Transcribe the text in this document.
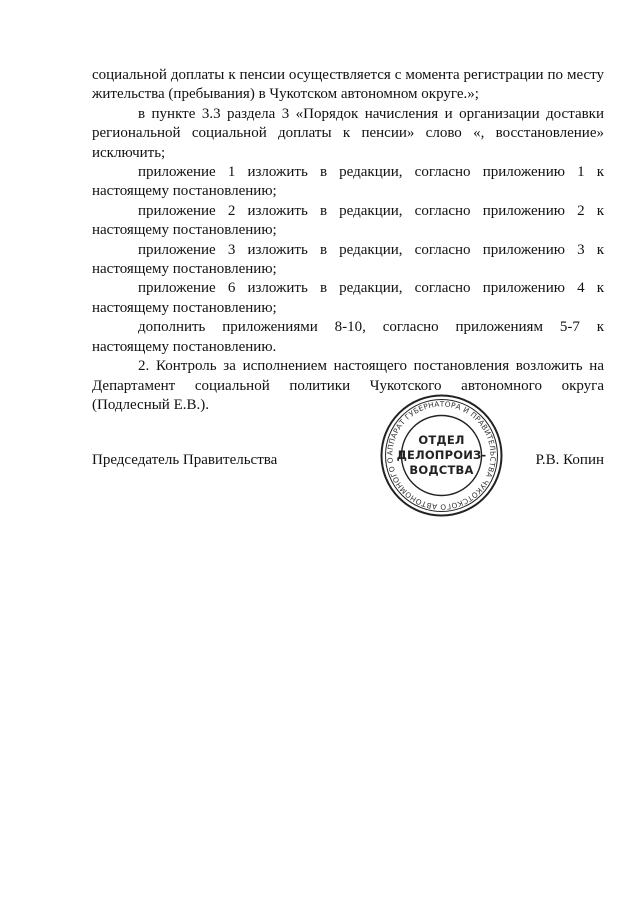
социальной доплаты к пенсии осуществляется с момента регистрации по месту жительства (пребывания) в Чукотском автономном округе.»;

в пункте 3.3 раздела 3 «Порядок начисления и организации доставки региональной социальной доплаты к пенсии» слово «, восстановление» исключить;

приложение 1 изложить в редакции, согласно приложению 1 к настоящему постановлению;

приложение 2 изложить в редакции, согласно приложению 2 к настоящему постановлению;

приложение 3 изложить в редакции, согласно приложению 3 к настоящему постановлению;

приложение 6 изложить в редакции, согласно приложению 4 к настоящему постановлению;

дополнить приложениями 8-10, согласно приложениям 5-7 к настоящему постановлению.

2. Контроль за исполнением настоящего постановления возложить на Департамент социальной политики Чукотского автономного округа (Подлесный Е.В.).

Председатель Правительства	Р.В. Копин
АППАРАТ ГУБЕРНАТОРА И ПРАВИТЕЛЬСТВА ЧУКОТСКОГО АВТОНОМНОГО О
ОТДЕЛ
ДЕЛОПРОИЗ-
ВОДСТВА
